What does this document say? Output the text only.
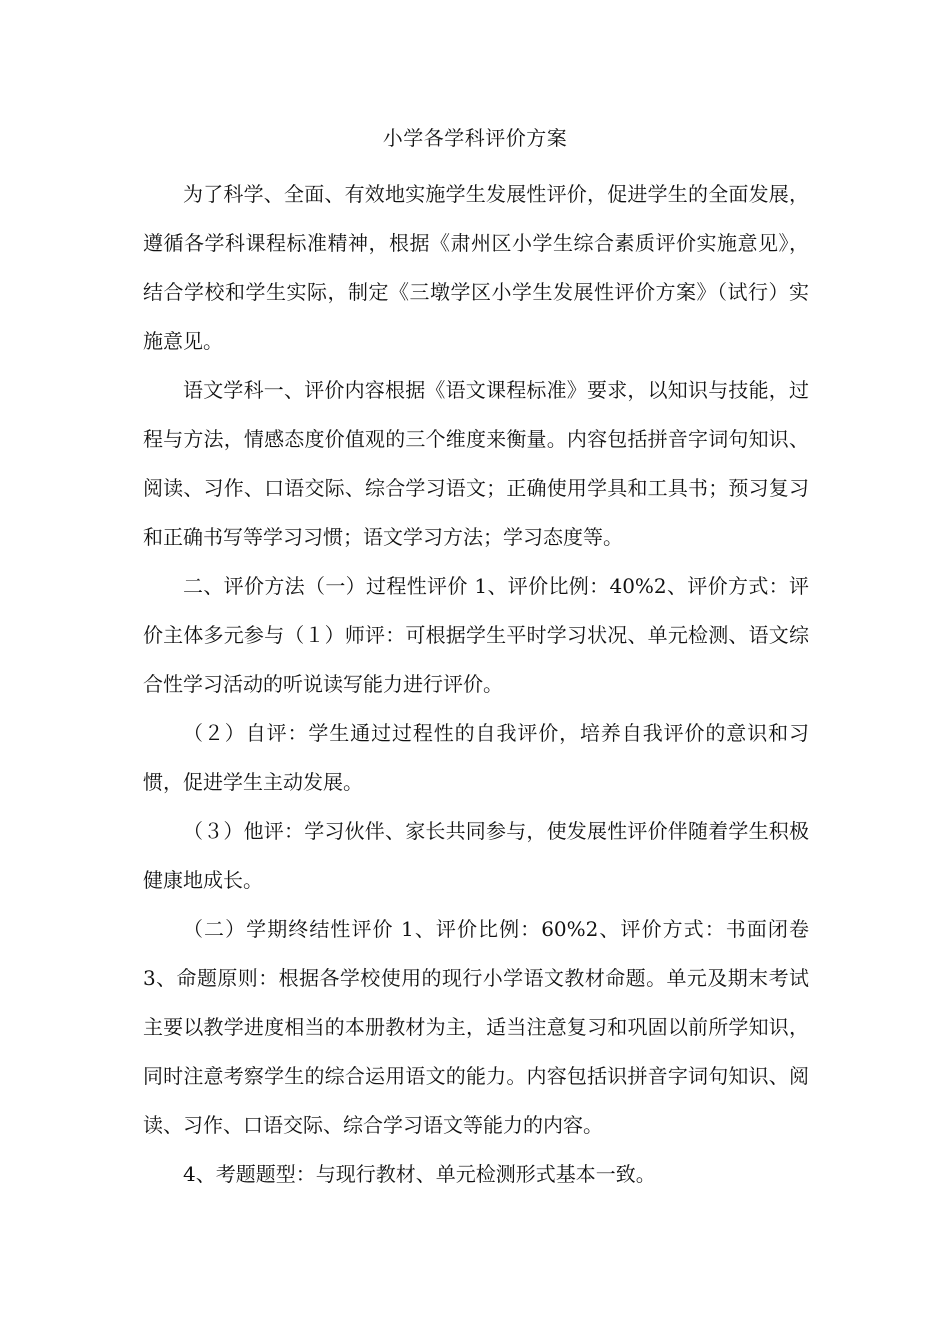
小学各学科评价方案

为了科学、全面、有效地实施学生发展性评价，促进学生的全面发展，遵循各学科课程标准精神，根据《肃州区小学生综合素质评价实施意见》，结合学校和学生实际，制定《三墩学区小学生发展性评价方案》（试行）实施意见。

语文学科一、评价内容根据《语文课程标准》要求，以知识与技能，过程与方法，情感态度价值观的三个维度来衡量。内容包括拼音字词句知识、阅读、习作、口语交际、综合学习语文；正确使用学具和工具书；预习复习和正确书写等学习习惯；语文学习方法；学习态度等。

二、评价方法（一）过程性评价 1、评价比例：40%2、评价方式：评价主体多元参与（１）师评：可根据学生平时学习状况、单元检测、语文综合性学习活动的听说读写能力进行评价。

（２）自评：学生通过过程性的自我评价，培养自我评价的意识和习惯，促进学生主动发展。

（３）他评：学习伙伴、家长共同参与，使发展性评价伴随着学生积极健康地成长。

（二）学期终结性评价 1、评价比例：60%2、评价方式：书面闭卷 3、命题原则：根据各学校使用的现行小学语文教材命题。单元及期末考试主要以教学进度相当的本册教材为主，适当注意复习和巩固以前所学知识，同时注意考察学生的综合运用语文的能力。内容包括识拼音字词句知识、阅读、习作、口语交际、综合学习语文等能力的内容。

4、考题题型：与现行教材、单元检测形式基本一致。
